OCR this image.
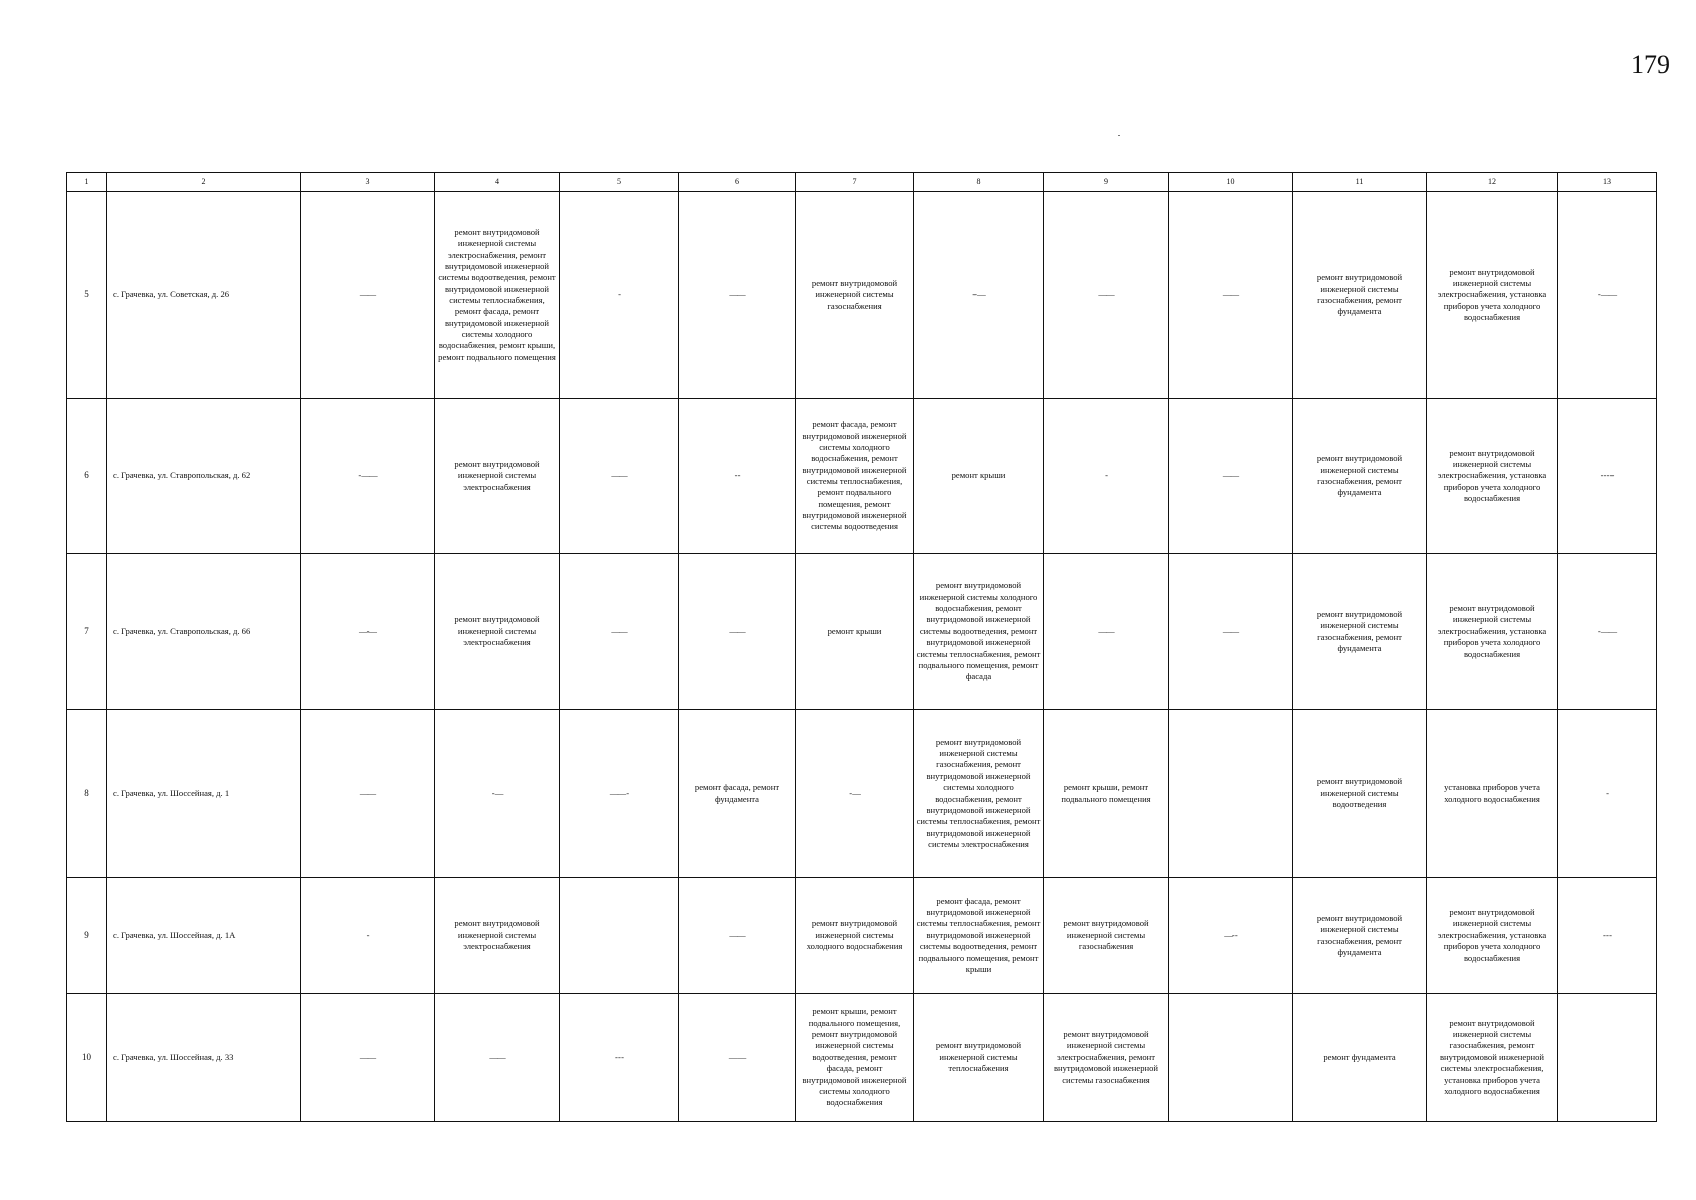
179
1	2	3	4	5	6	7	8	9	10	11	12	13
5	с. Грачевка, ул. Советская, д. 26	——	ремонт внутридомовой инженерной системы электроснабжения, ремонт внутридомовой инженерной системы водоотведения, ремонт внутридомовой инженерной системы теплоснабжения, ремонт фасада, ремонт внутридомовой инженерной системы холодного водоснабжения, ремонт крыши, ремонт подвального помещения	-	——	ремонт внутридомовой инженерной системы газоснабжения	-- —	——	——	ремонт внутридомовой инженерной системы газоснабжения, ремонт фундамента	ремонт внутридомовой инженерной системы электроснабжения, установка приборов учета холодного водоснабжения	- ——
6	с. Грачевка, ул. Ставропольская, д. 62	- ——	ремонт внутридомовой инженерной системы электроснабжения	——	- -	ремонт фасада, ремонт внутридомовой инженерной системы холодного водоснабжения, ремонт внутридомовой инженерной системы теплоснабжения, ремонт подвального помещения, ремонт внутридомовой инженерной системы водоотведения	ремонт крыши	-	——	ремонт внутридомовой инженерной системы газоснабжения, ремонт фундамента	ремонт внутридомовой инженерной системы электроснабжения, установка приборов учета холодного водоснабжения	- - - --
7	с. Грачевка, ул. Ставропольская, д. 66	—-—	ремонт внутридомовой инженерной системы электроснабжения	——	——	ремонт крыши	ремонт внутридомовой инженерной системы холодного водоснабжения, ремонт внутридомовой инженерной системы водоотведения, ремонт внутридомовой инженерной системы теплоснабжения, ремонт подвального помещения, ремонт фасада	——	——	ремонт внутридомовой инженерной системы газоснабжения, ремонт фундамента	ремонт внутридомовой инженерной системы электроснабжения, установка приборов учета холодного водоснабжения	- ——
8	с. Грачевка, ул. Шоссейная, д. 1	——	- —	—— -	ремонт фасада, ремонт фундамента	- —	ремонт внутридомовой инженерной системы газоснабжения, ремонт внутридомовой инженерной системы холодного водоснабжения, ремонт внутридомовой инженерной системы теплоснабжения, ремонт внутридомовой инженерной системы электроснабжения	ремонт крыши, ремонт подвального помещения		ремонт внутридомовой инженерной системы водоотведения	установка приборов учета холодного водоснабжения	-
9	с. Грачевка, ул. Шоссейная, д. 1А	-	ремонт внутридомовой инженерной системы электроснабжения		——	ремонт внутридомовой инженерной системы холодного водоснабжения	ремонт фасада, ремонт внутридомовой инженерной системы теплоснабжения, ремонт внутридомовой инженерной системы водоотведения, ремонт подвального помещения, ремонт крыши	ремонт внутридомовой инженерной системы газоснабжения	—- -	ремонт внутридомовой инженерной системы газоснабжения, ремонт фундамента	ремонт внутридомовой инженерной системы электроснабжения, установка приборов учета холодного водоснабжения	- - -
10	с. Грачевка, ул. Шоссейная, д. 33	——	——	- - -	— —	ремонт крыши, ремонт подвального помещения, ремонт внутридомовой инженерной системы водоотведения, ремонт фасада, ремонт внутридомовой инженерной системы холодного водоснабжения	ремонт внутридомовой инженерной системы теплоснабжения	ремонт внутридомовой инженерной системы электроснабжения, ремонт внутридомовой инженерной системы газоснабжения		ремонт фундамента	ремонт внутридомовой инженерной системы газоснабжения, ремонт внутридомовой инженерной системы электроснабжения, установка приборов учета холодного водоснабжения	
